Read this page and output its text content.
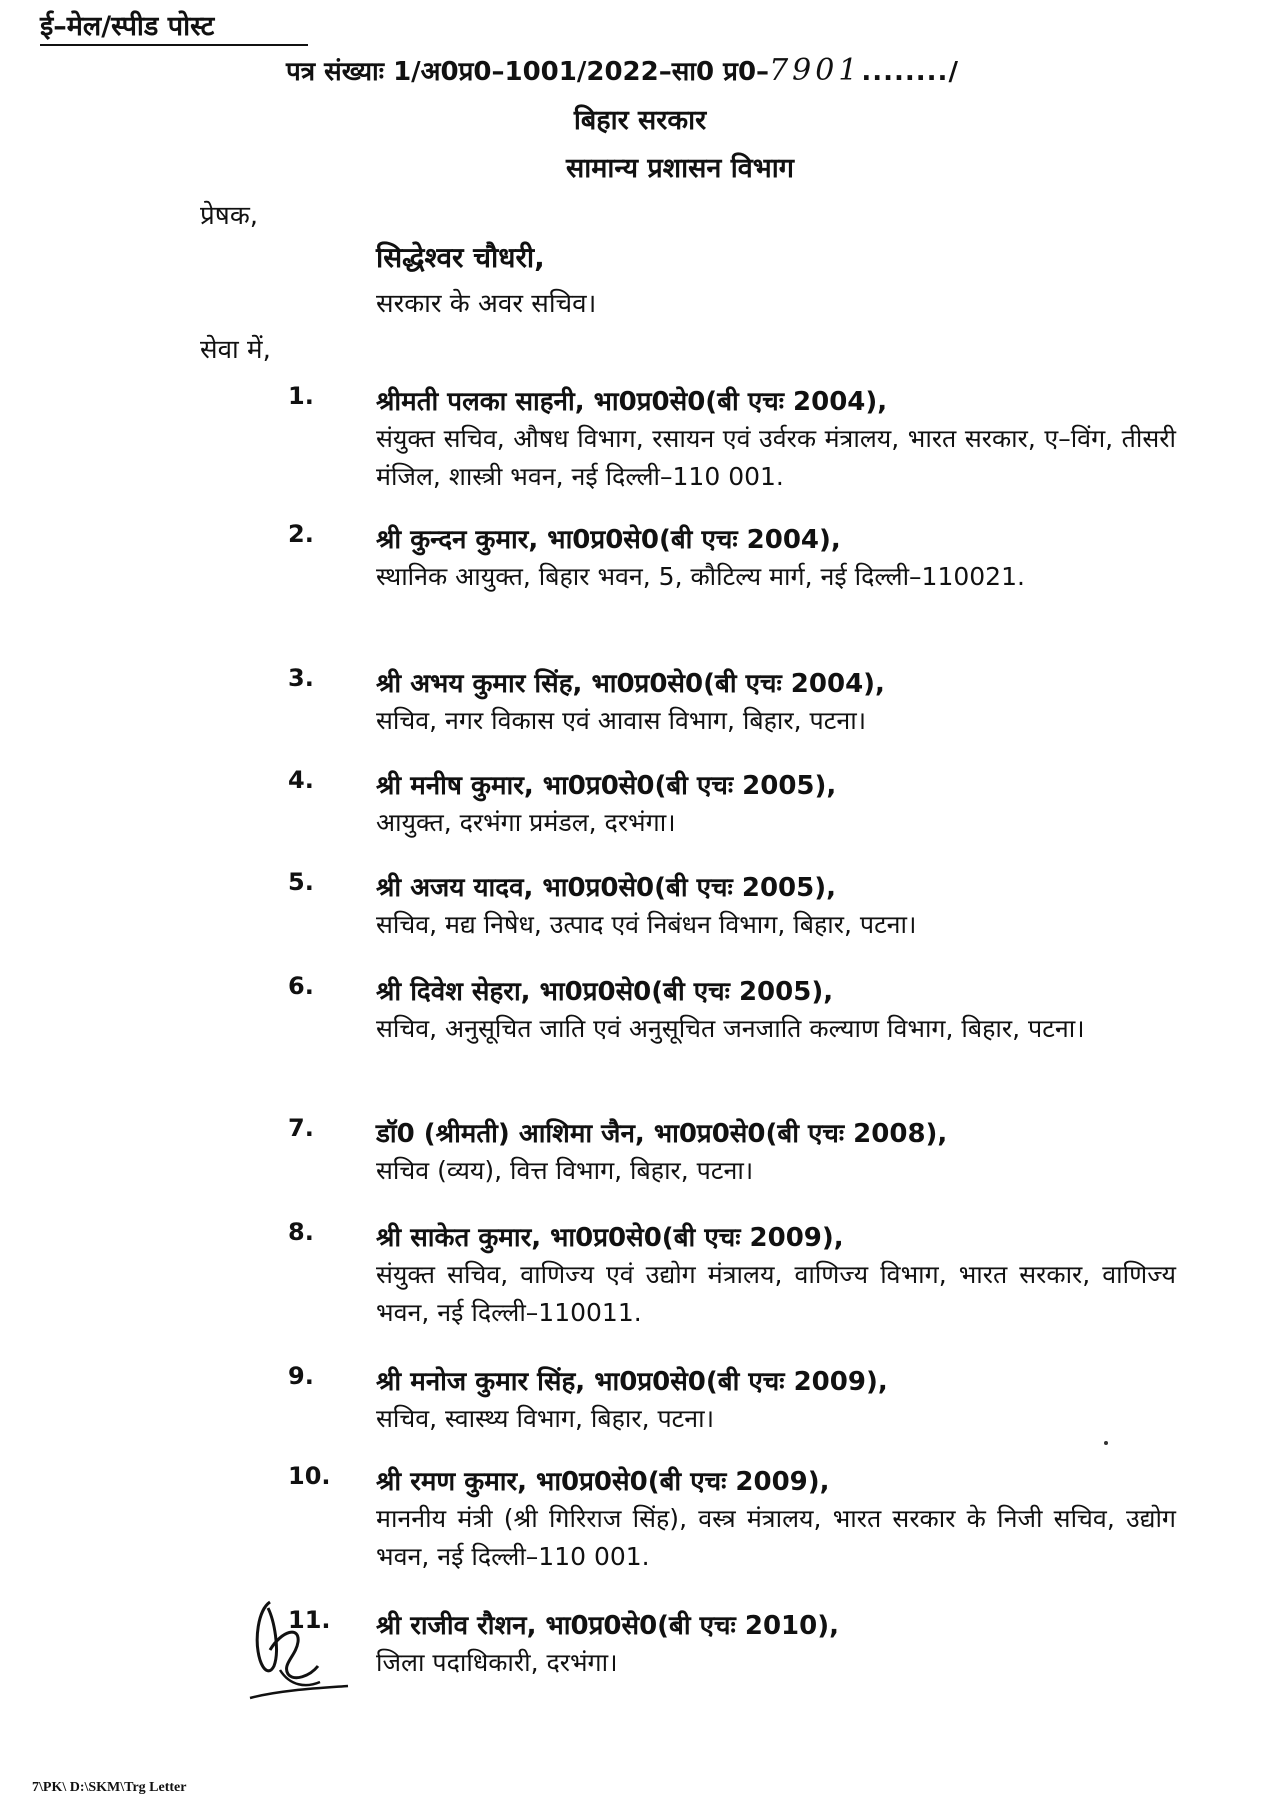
ई–मेल/स्पीड पोस्ट
पत्र संख्याः 1/अ0प्र0–1001/2022–सा0 प्र0–7901......../
बिहार सरकार
सामान्य प्रशासन विभाग
प्रेषक,
सिद्धेश्वर चौधरी,
सरकार के अवर सचिव।
सेवा में,
1.	श्रीमती पलका साहनी, भा0प्र0से0(बी एचः 2004),
संयुक्त सचिव, औषध विभाग, रसायन एवं उर्वरक मंत्रालय, भारत सरकार, ए–विंग, तीसरी मंजिल, शास्त्री भवन, नई दिल्ली–110 001.
2.	श्री कुन्दन कुमार, भा0प्र0से0(बी एचः 2004),
स्थानिक आयुक्त, बिहार भवन, 5, कौटिल्य मार्ग, नई दिल्ली–110021.
3.	श्री अभय कुमार सिंह, भा0प्र0से0(बी एचः 2004),
सचिव, नगर विकास एवं आवास विभाग, बिहार, पटना।
4.	श्री मनीष कुमार, भा0प्र0से0(बी एचः 2005),
आयुक्त, दरभंगा प्रमंडल, दरभंगा।
5.	श्री अजय यादव, भा0प्र0से0(बी एचः 2005),
सचिव, मद्य निषेध, उत्पाद एवं निबंधन विभाग, बिहार, पटना।
6.	श्री दिवेश सेहरा, भा0प्र0से0(बी एचः 2005),
सचिव, अनुसूचित जाति एवं अनुसूचित जनजाति कल्याण विभाग, बिहार, पटना।
7.	डॉ0 (श्रीमती) आशिमा जैन, भा0प्र0से0(बी एचः 2008),
सचिव (व्यय), वित्त विभाग, बिहार, पटना।
8.	श्री साकेत कुमार, भा0प्र0से0(बी एचः 2009),
संयुक्त सचिव, वाणिज्य एवं उद्योग मंत्रालय, वाणिज्य विभाग, भारत सरकार, वाणिज्य भवन, नई दिल्ली–110011.
9.	श्री मनोज कुमार सिंह, भा0प्र0से0(बी एचः 2009),
सचिव, स्वास्थ्य विभाग, बिहार, पटना।
10.	श्री रमण कुमार, भा0प्र0से0(बी एचः 2009),
माननीय मंत्री (श्री गिरिराज सिंह), वस्त्र मंत्रालय, भारत सरकार के निजी सचिव, उद्योग भवन, नई दिल्ली–110 001.
11.	श्री राजीव रौशन, भा0प्र0से0(बी एचः 2010),
जिला पदाधिकारी, दरभंगा।
7\PK\ D:\SKM\Trg Letter
